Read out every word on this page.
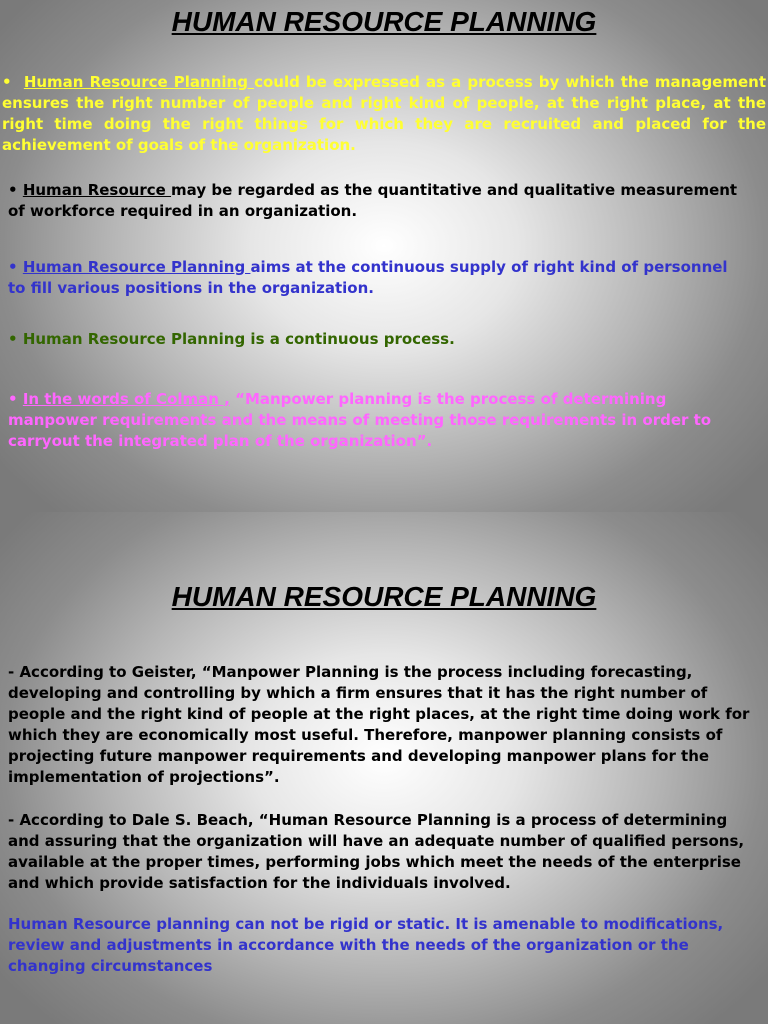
HUMAN RESOURCE PLANNING

• Human Resource Planning could be expressed as a process by which the management ensures the right number of people and right kind of people, at the right place, at the right time doing the right things for which they are recruited and placed for the achievement of goals of the organization.

• Human Resource may be regarded as the quantitative and qualitative measurement of workforce required in an organization.

• Human Resource Planning aims at the continuous supply of right kind of personnel to fill various positions in the organization.

• Human Resource Planning is a continuous process.

• In the words of Colman , “Manpower planning is the process of determining manpower requirements and the means of meeting those requirements in order to carryout the integrated plan of the organization”.

HUMAN RESOURCE PLANNING

- According to Geister, “Manpower Planning is the process including forecasting, developing and controlling by which a firm ensures that it has the right number of people and the right kind of people at the right places, at the right time doing work for which they are economically most useful. Therefore, manpower planning consists of projecting future manpower requirements and developing manpower plans for the implementation of projections”.

- According to Dale S. Beach, “Human Resource Planning is a process of determining and assuring that the organization will have an adequate number of qualified persons, available at the proper times, performing jobs which meet the needs of the enterprise and which provide satisfaction for the individuals involved.

Human Resource planning can not be rigid or static. It is amenable to modifications, review and adjustments in accordance with the needs of the organization or the changing circumstances
